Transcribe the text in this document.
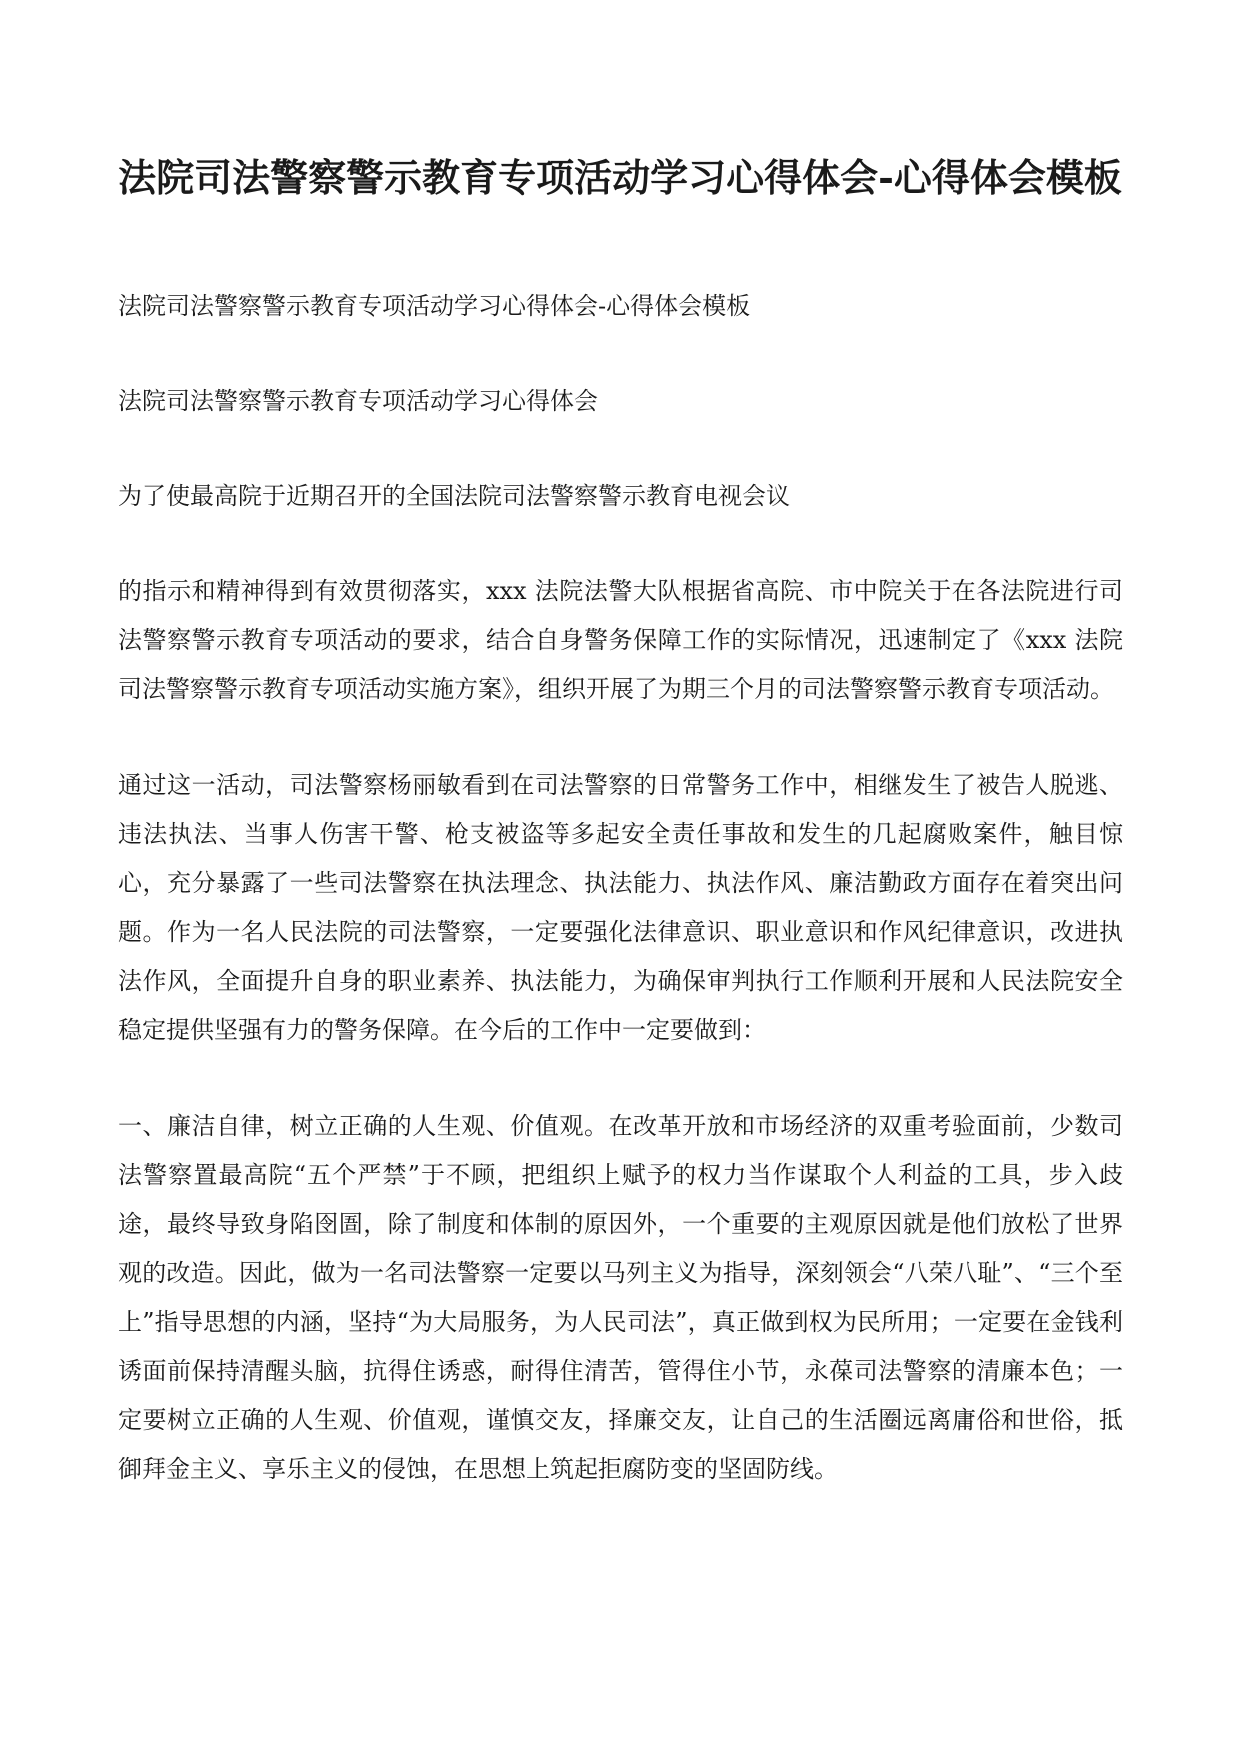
法院司法警察警示教育专项活动学习心得体会-心得体会模板

法院司法警察警示教育专项活动学习心得体会-心得体会模板

法院司法警察警示教育专项活动学习心得体会

为了使最高院于近期召开的全国法院司法警察警示教育电视会议

的指示和精神得到有效贯彻落实，xxx 法院法警大队根据省高院、市中院关于在各法院进行司法警察警示教育专项活动的要求，结合自身警务保障工作的实际情况，迅速制定了《xxx 法院司法警察警示教育专项活动实施方案》，组织开展了为期三个月的司法警察警示教育专项活动。

通过这一活动，司法警察杨丽敏看到在司法警察的日常警务工作中，相继发生了被告人脱逃、违法执法、当事人伤害干警、枪支被盗等多起安全责任事故和发生的几起腐败案件，触目惊心，充分暴露了一些司法警察在执法理念、执法能力、执法作风、廉洁勤政方面存在着突出问题。作为一名人民法院的司法警察，一定要强化法律意识、职业意识和作风纪律意识，改进执法作风，全面提升自身的职业素养、执法能力，为确保审判执行工作顺利开展和人民法院安全稳定提供坚强有力的警务保障。在今后的工作中一定要做到：

一、廉洁自律，树立正确的人生观、价值观。在改革开放和市场经济的双重考验面前，少数司法警察置最高院“五个严禁”于不顾，把组织上赋予的权力当作谋取个人利益的工具，步入歧途，最终导致身陷囹圄，除了制度和体制的原因外，一个重要的主观原因就是他们放松了世界观的改造。因此，做为一名司法警察一定要以马列主义为指导，深刻领会“八荣八耻”、“三个至上”指导思想的内涵，坚持“为大局服务，为人民司法”，真正做到权为民所用；一定要在金钱利诱面前保持清醒头脑，抗得住诱惑，耐得住清苦，管得住小节，永葆司法警察的清廉本色；一定要树立正确的人生观、价值观，谨慎交友，择廉交友，让自己的生活圈远离庸俗和世俗，抵御拜金主义、享乐主义的侵蚀，在思想上筑起拒腐防变的坚固防线。
